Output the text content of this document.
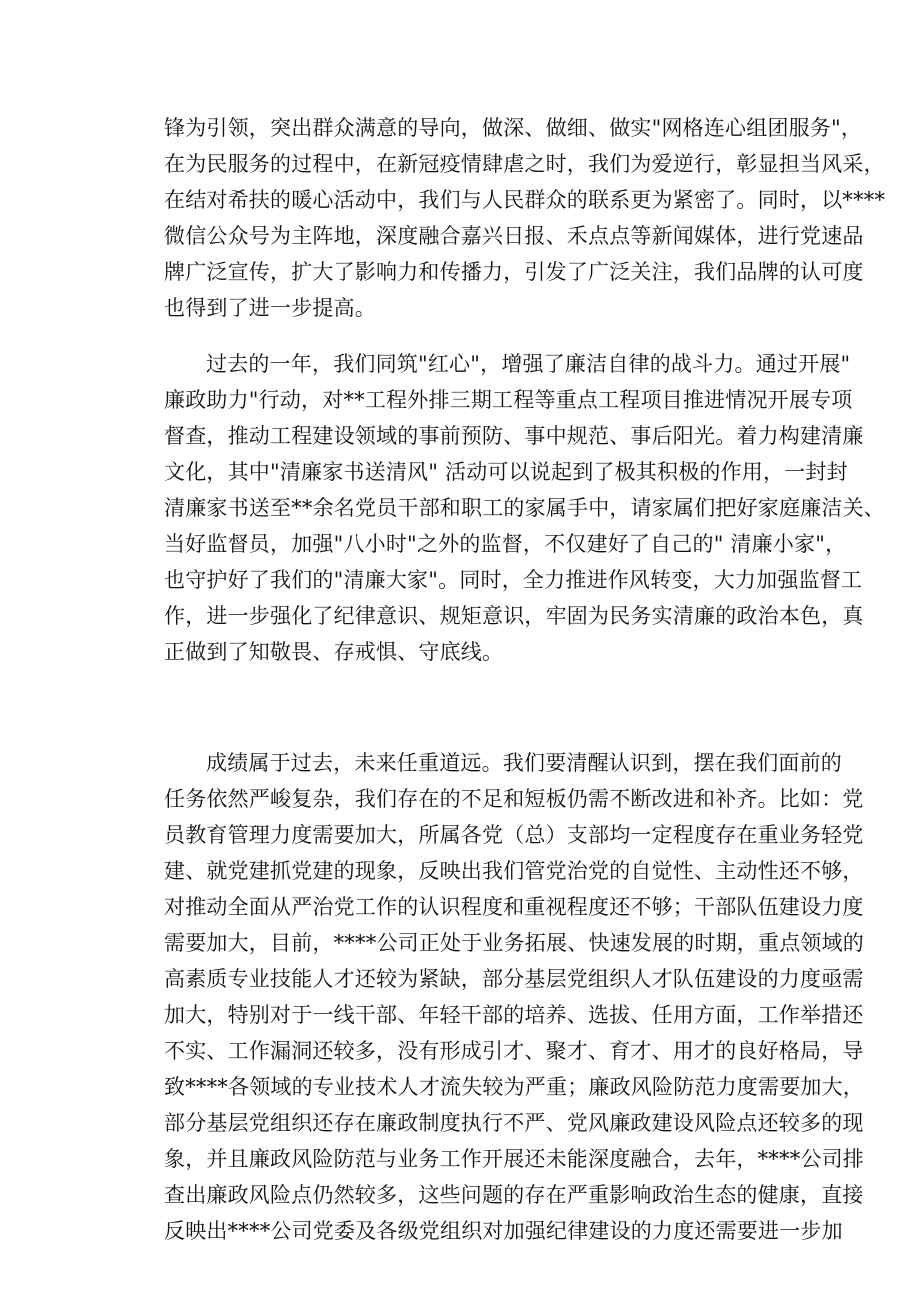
锋为引领，突出群众满意的导向，做深、做细、做实"网格连心组团服务"，
在为民服务的过程中，在新冠疫情肆虐之时，我们为爱逆行，彰显担当风采，
在结对希扶的暖心活动中，我们与人民群众的联系更为紧密了。同时，以****
微信公众号为主阵地，深度融合嘉兴日报、禾点点等新闻媒体，进行党速品
牌广泛宣传，扩大了影响力和传播力，引发了广泛关注，我们品牌的认可度
也得到了进一步提高。
过去的一年，我们同筑"红心"，增强了廉洁自律的战斗力。通过开展"
廉政助力"行动，对**工程外排三期工程等重点工程项目推进情况开展专项
督查，推动工程建设领域的事前预防、事中规范、事后阳光。着力构建清廉
文化，其中"清廉家书送清风" 活动可以说起到了极其积极的作用，一封封
清廉家书送至**余名党员干部和职工的家属手中，请家属们把好家庭廉洁关、
当好监督员，加强"八小时"之外的监督，不仅建好了自己的" 清廉小家"，
也守护好了我们的"清廉大家"。同时，全力推进作风转变，大力加强监督工
作，进一步强化了纪律意识、规矩意识，牢固为民务实清廉的政治本色，真
正做到了知敬畏、存戒惧、守底线。
成绩属于过去，未来任重道远。我们要清醒认识到，摆在我们面前的
任务依然严峻复杂，我们存在的不足和短板仍需不断改进和补齐。比如：党
员教育管理力度需要加大，所属各党（总）支部均一定程度存在重业务轻党
建、就党建抓党建的现象，反映出我们管党治党的自觉性、主动性还不够，
对推动全面从严治党工作的认识程度和重视程度还不够；干部队伍建设力度
需要加大，目前，****公司正处于业务拓展、快速发展的时期，重点领域的
高素质专业技能人才还较为紧缺，部分基层党组织人才队伍建设的力度亟需
加大，特别对于一线干部、年轻干部的培养、选拔、任用方面，工作举措还
不实、工作漏洞还较多，没有形成引才、聚才、育才、用才的良好格局，导
致****各领域的专业技术人才流失较为严重；廉政风险防范力度需要加大，
部分基层党组织还存在廉政制度执行不严、党风廉政建设风险点还较多的现
象，并且廉政风险防范与业务工作开展还未能深度融合，去年，****公司排
查出廉政风险点仍然较多，这些问题的存在严重影响政治生态的健康，直接
反映出****公司党委及各级党组织对加强纪律建设的力度还需要进一步加
